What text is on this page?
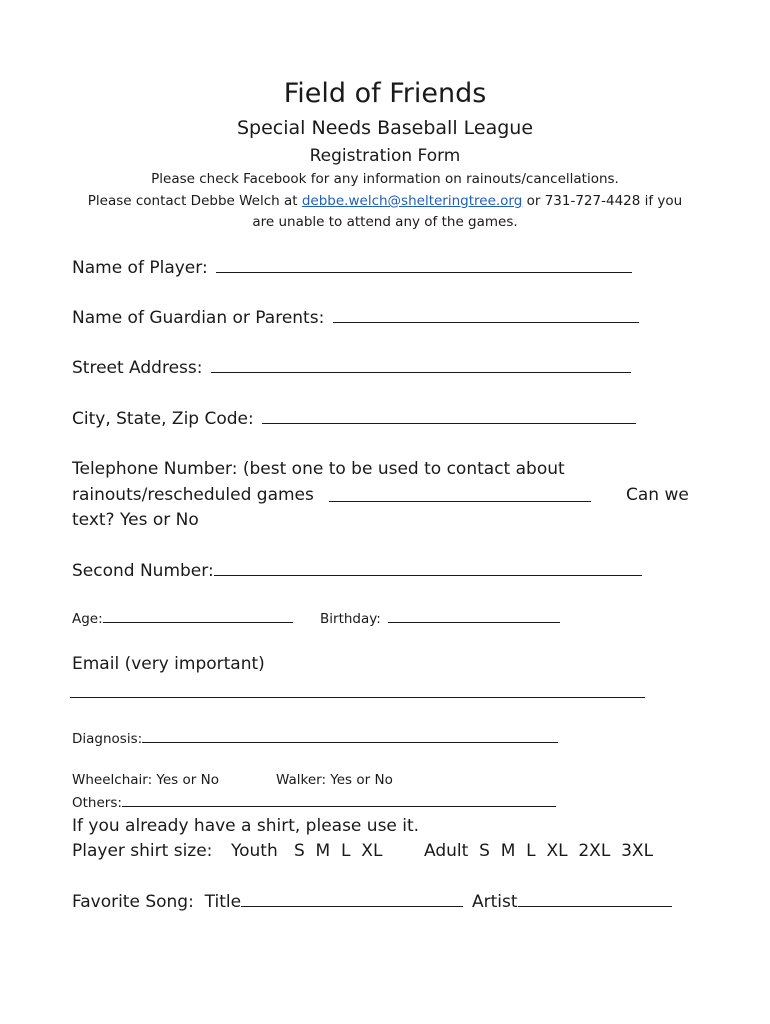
Field of Friends
Special Needs Baseball League
Registration Form
Please check Facebook for any information on rainouts/cancellations.
Please contact Debbe Welch at debbe.welch@shelteringtree.org or 731-727-4428 if you
are unable to attend any of the games.
Name of Player:
Name of Guardian or Parents:
Street Address:
City, State, Zip Code:
Telephone Number: (best one to be used to contact about
rainouts/rescheduled games	Can we
text? Yes or No
Second Number:
Age:	Birthday:
Email (very important)
Diagnosis:
Wheelchair: Yes or No	Walker: Yes or No
Others:
If you already have a shirt, please use it.
Player shirt size: Youth   S  M  L  XL Adult  S  M  L  XL  2XL  3XL
Favorite Song:  Title	Artist
